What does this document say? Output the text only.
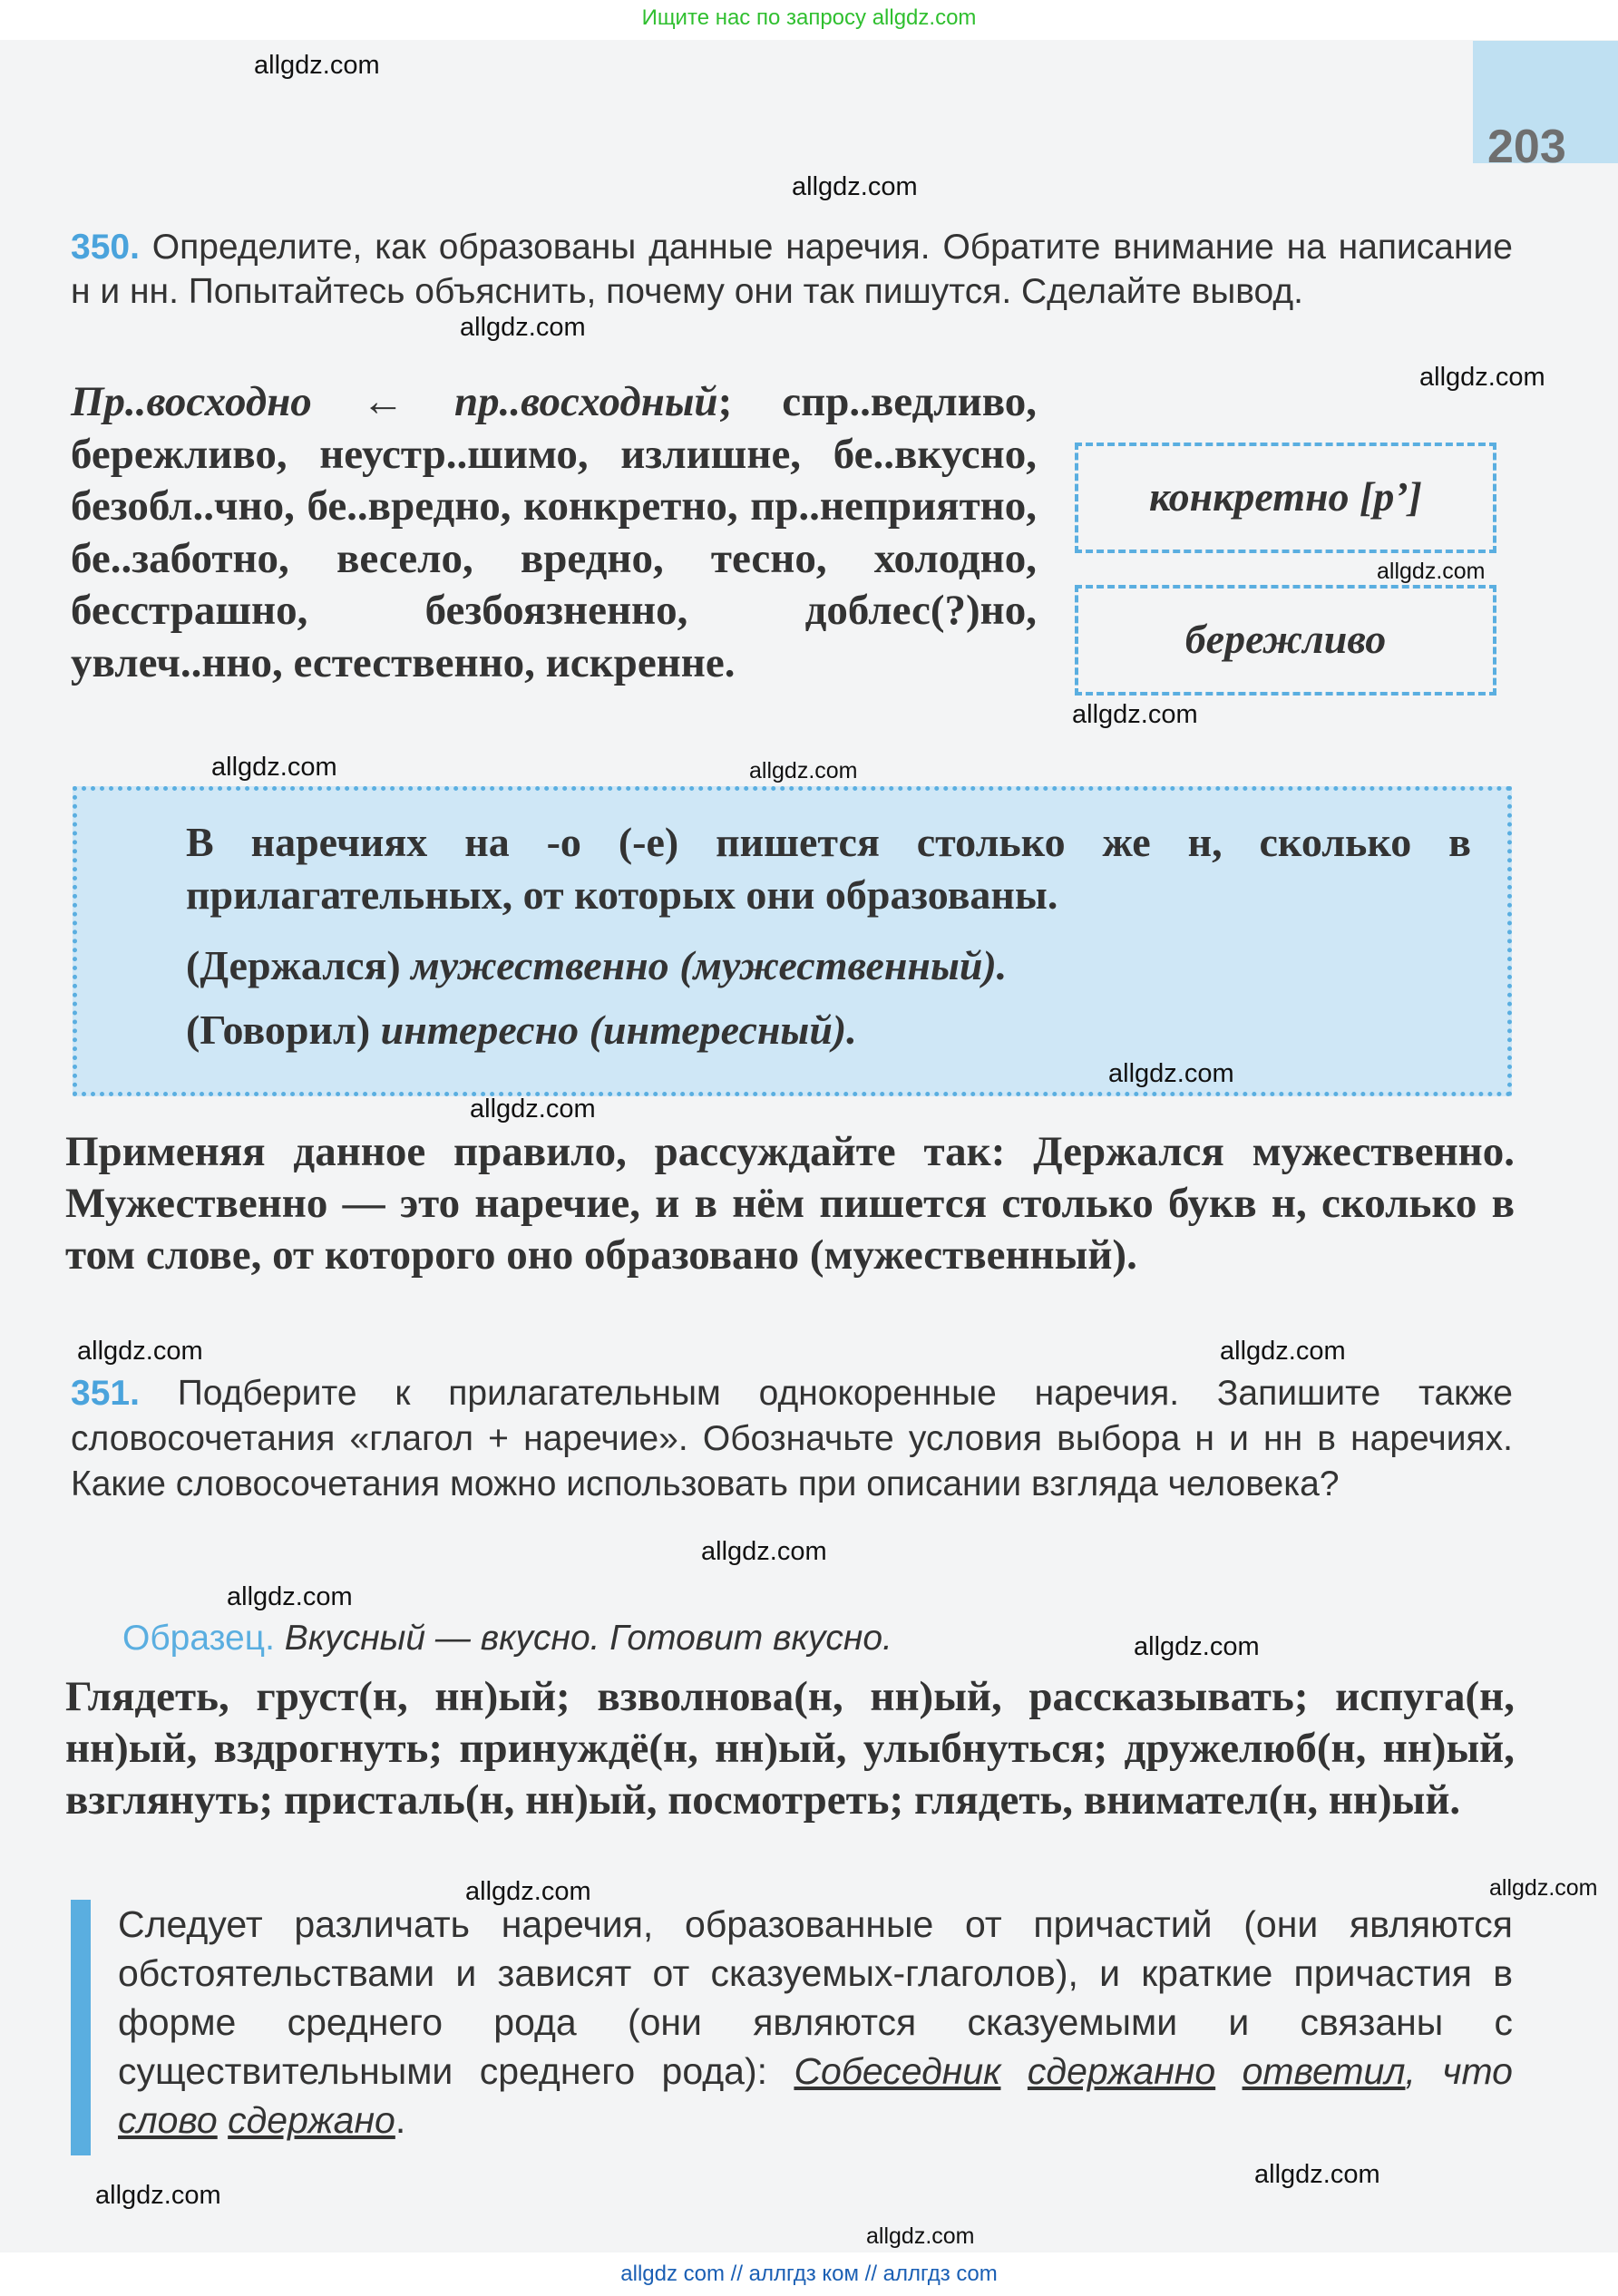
Ищите нас по запросу allgdz.com
203
350. Определите, как образованы данные наречия. Обратите внимание на написание н и нн. Попытайтесь объяснить, почему они так пишутся. Сделайте вывод.
Пр..восходно ← пр..восходный; спр..ведливо, бережливо, неустр..шимо, излишне, бе..вкусно, безобл..чно, бе..вредно, конкретно, пр..неприятно, бе..заботно, весело, вредно, тесно, холодно, бесстрашно, безбоязненно, доблес(?)но, увлеч..нно, естественно, искренне.
конкретно [р’]
бережливо

В наречиях на -о (-е) пишется столько же н, сколько в прилагательных, от которых они образованы.

(Держался) мужественно (мужественный).

(Говорил) интересно (интересный).

Применяя данное правило, рассуждайте так: Держался мужественно. Мужественно — это наречие, и в нём пишется столько букв н, сколько в том слове, от которого оно образовано (мужественный).
351. Подберите к прилагательным однокоренные наречия. Запишите также словосочетания «глагол + наречие». Обозначьте условия выбора н и нн в наречиях. Какие словосочетания можно использовать при описании взгляда человека?
Образец. Вкусный — вкусно. Готовит вкусно.
Глядеть, груст(н, нн)ый; взволнова(н, нн)ый, рассказывать; испуга(н, нн)ый, вздрогнуть; принуждё(н, нн)ый, улыбнуться; дружелюб(н, нн)ый, взглянуть; присталь(н, нн)ый, посмотреть; глядеть, внимател(н, нн)ый.
Следует различать наречия, образованные от причастий (они являются обстоятельствами и зависят от сказуемых-глаголов), и краткие причастия в форме среднего рода (они являются сказуемыми и связаны с существительными среднего рода): Собеседник сдержанно ответил, что слово сдержано.
allgdz.com
allgdz.com
allgdz.com
allgdz.com
allgdz.com
allgdz.com
allgdz.com	allgdz.com
allgdz.com
allgdz.com
allgdz.com
allgdz.com
allgdz.com
allgdz.com
allgdz.com
allgdz.com
allgdz.com
allgdz.com
allgdz.com
allgdz.com
allgdz com // аллгдз ком // аллгдз com
